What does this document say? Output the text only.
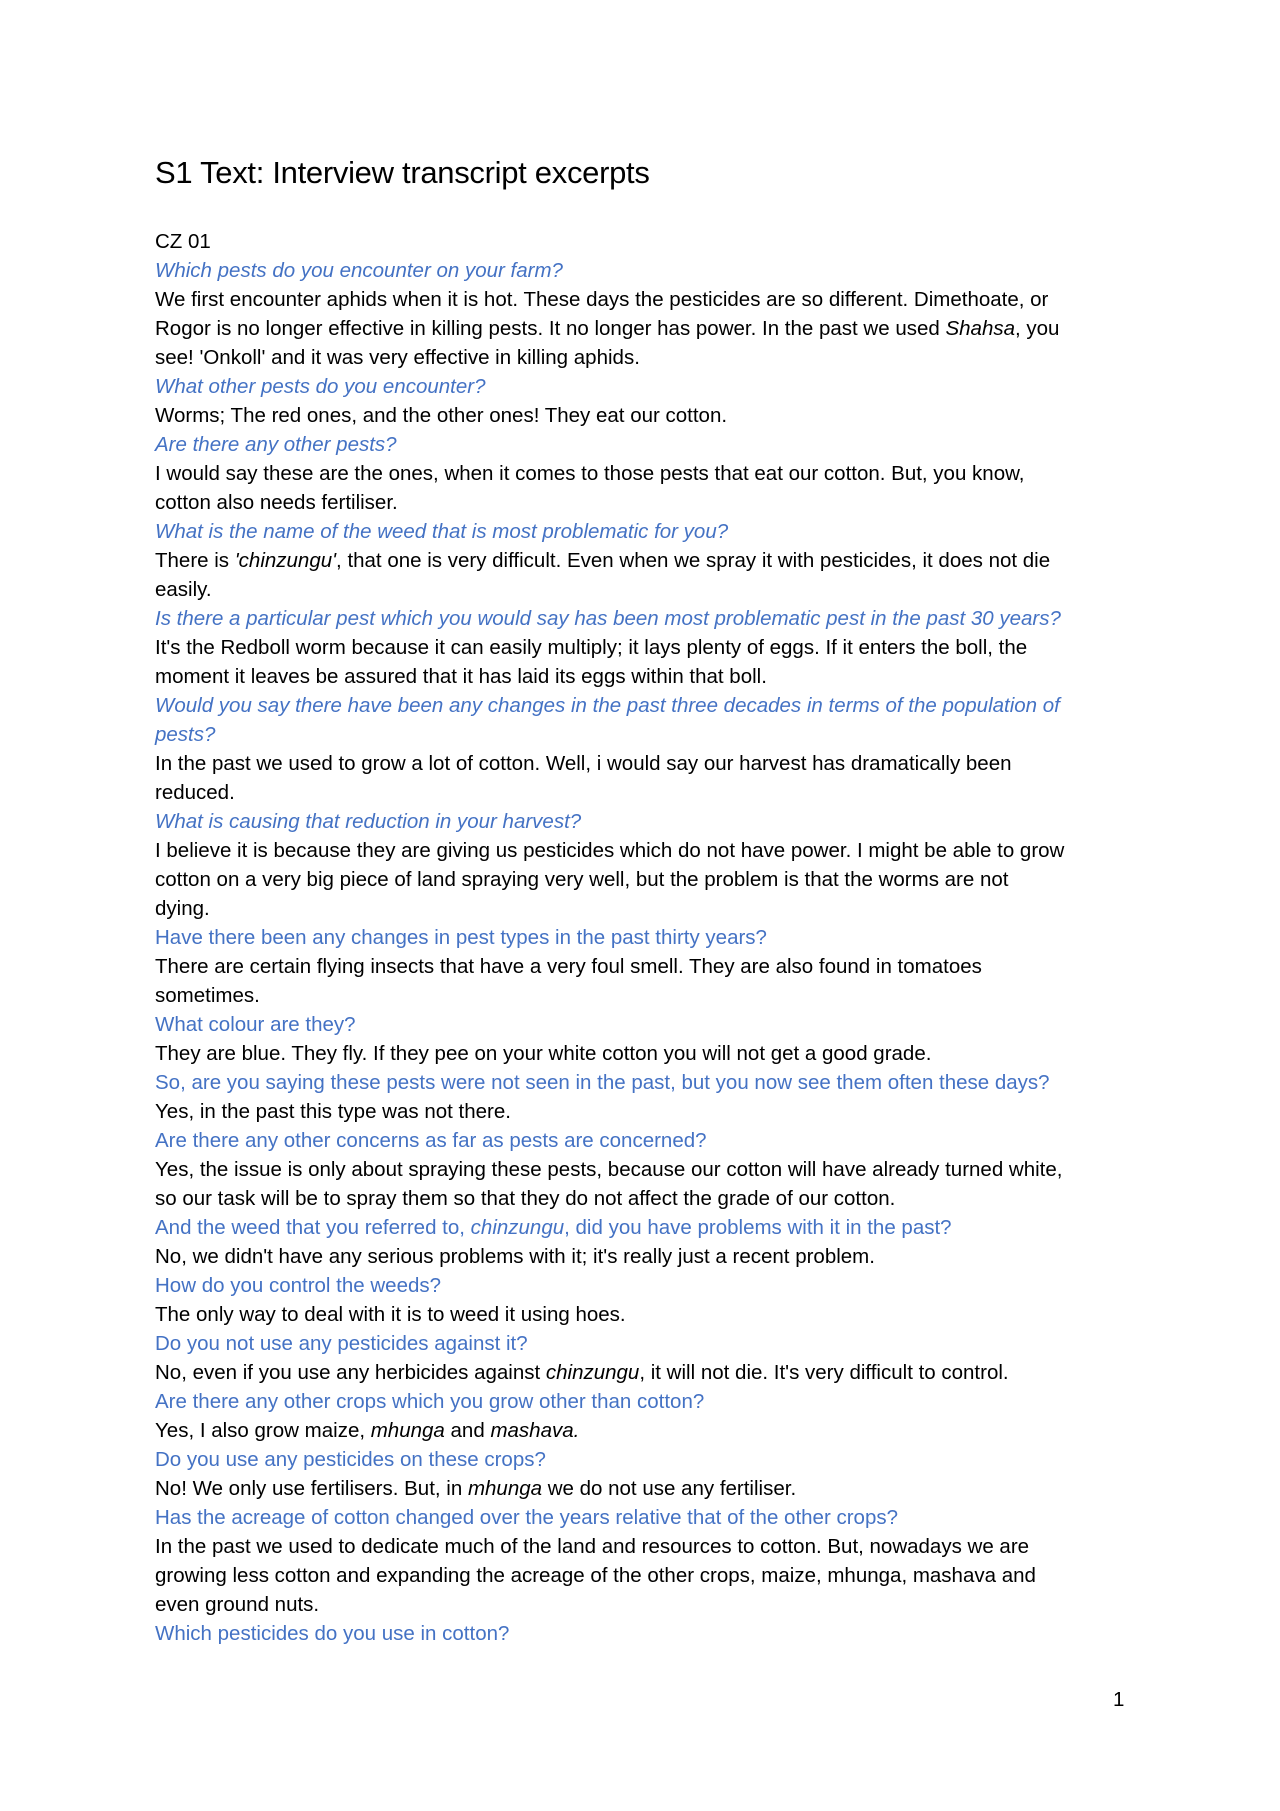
S1 Text: Interview transcript excerpts

CZ 01

Which pests do you encounter on your farm?

We first encounter aphids when it is hot. These days the pesticides are so different. Dimethoate, or

Rogor is no longer effective in killing pests. It no longer has power. In the past we used Shahsa, you

see! 'Onkoll' and it was very effective in killing aphids.

What other pests do you encounter?

Worms; The red ones, and the other ones! They eat our cotton.

Are there any other pests?

I would say these are the ones, when it comes to those pests that eat our cotton. But, you know,

cotton also needs fertiliser.

What is the name of the weed that is most problematic for you?

There is 'chinzungu', that one is very difficult. Even when we spray it with pesticides, it does not die

easily.

Is there a particular pest which you would say has been most problematic pest in the past 30 years?

It's the Redboll worm because it can easily multiply; it lays plenty of eggs. If it enters the boll, the

moment it leaves be assured that it has laid its eggs within that boll.

Would you say there have been any changes in the past three decades in terms of the population of

pests?

In the past we used to grow a lot of cotton. Well, i would say our harvest has dramatically been

reduced.

What is causing that reduction in your harvest?

I believe it is because they are giving us pesticides which do not have power. I might be able to grow

cotton on a very big piece of land spraying very well, but the problem is that the worms are not

dying.

Have there been any changes in pest types in the past thirty years?

There are certain flying insects that have a very foul smell. They are also found in tomatoes

sometimes.

What colour are they?

They are blue. They fly. If they pee on your white cotton you will not get a good grade.

So, are you saying these pests were not seen in the past, but you now see them often these days?

Yes, in the past this type was not there.

Are there any other concerns as far as pests are concerned?

Yes, the issue is only about spraying these pests, because our cotton will have already turned white,

so our task will be to spray them so that they do not affect the grade of our cotton.

And the weed that you referred to, chinzungu, did you have problems with it in the past?

No, we didn't have any serious problems with it; it's really just a recent problem.

How do you control the weeds?

The only way to deal with it is to weed it using hoes.

Do you not use any pesticides against it?

No, even if you use any herbicides against chinzungu, it will not die. It's very difficult to control.

Are there any other crops which you grow other than cotton?

Yes, I also grow maize, mhunga and mashava.

Do you use any pesticides on these crops?

No! We only use fertilisers. But, in mhunga we do not use any fertiliser.

Has the acreage of cotton changed over the years relative that of the other crops?

In the past we used to dedicate much of the land and resources to cotton. But, nowadays we are

growing less cotton and expanding the acreage of the other crops, maize, mhunga, mashava and

even ground nuts.

Which pesticides do you use in cotton?

1
